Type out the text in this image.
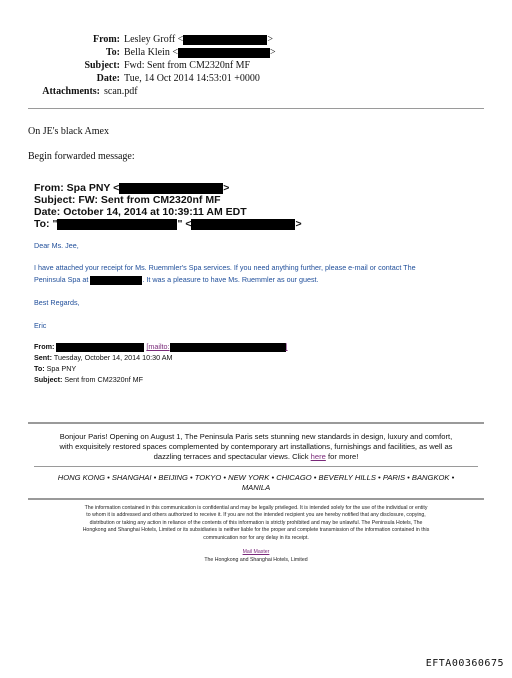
From: Lesley Groff <	>
To: Bella Klein <	>
Subject: Fwd: Sent from CM2320nf MF
Date: Tue, 14 Oct 2014 14:53:01 +0000
Attachments: scan.pdf
On JE's black Amex
Begin forwarded message:
From: Spa PNY <	>
Subject: FW: Sent from CM2320nf MF
Date: October 14, 2014 at 10:39:11 AM EDT
To: "	" <	>
Dear Ms. Jee,
I have attached your receipt for Ms. Ruemmler's Spa services. If you need anything further, please e-mail or contact The
Peninsula Spa at	. It was a pleasure to have Ms. Ruemmler as our guest.
Best Regards,
Eric
From:	[mailto:	]
Sent: Tuesday, October 14, 2014 10:30 AM
To: Spa PNY
Subject: Sent from CM2320nf MF
Bonjour Paris! Opening on August 1, The Peninsula Paris sets stunning new standards in design, luxury and comfort,
with exquisitely restored spaces complemented by contemporary art installations, furnishings and facilities, as well as
dazzling terraces and spectacular views. Click here for more!
HONG KONG • SHANGHAI • BEIJING • TOKYO • NEW YORK • CHICAGO • BEVERLY HILLS • PARIS • BANGKOK •
MANILA
The information contained in this communication is confidential and may be legally privileged. It is intended solely for the use of the individual or entity
to whom it is addressed and others authorized to receive it. If you are not the intended recipient you are hereby notified that any disclosure, copying,
distribution or taking any action in reliance of the contents of this information is strictly prohibited and may be unlawful. The Peninsula Hotels, The
Hongkong and Shanghai Hotels, Limited or its subsidiaries is neither liable for the proper and complete transmission of the information contained in this
communication nor for any delay in its receipt.
Mail Master
The Hongkong and Shanghai Hotels, Limited
EFTA00360675
